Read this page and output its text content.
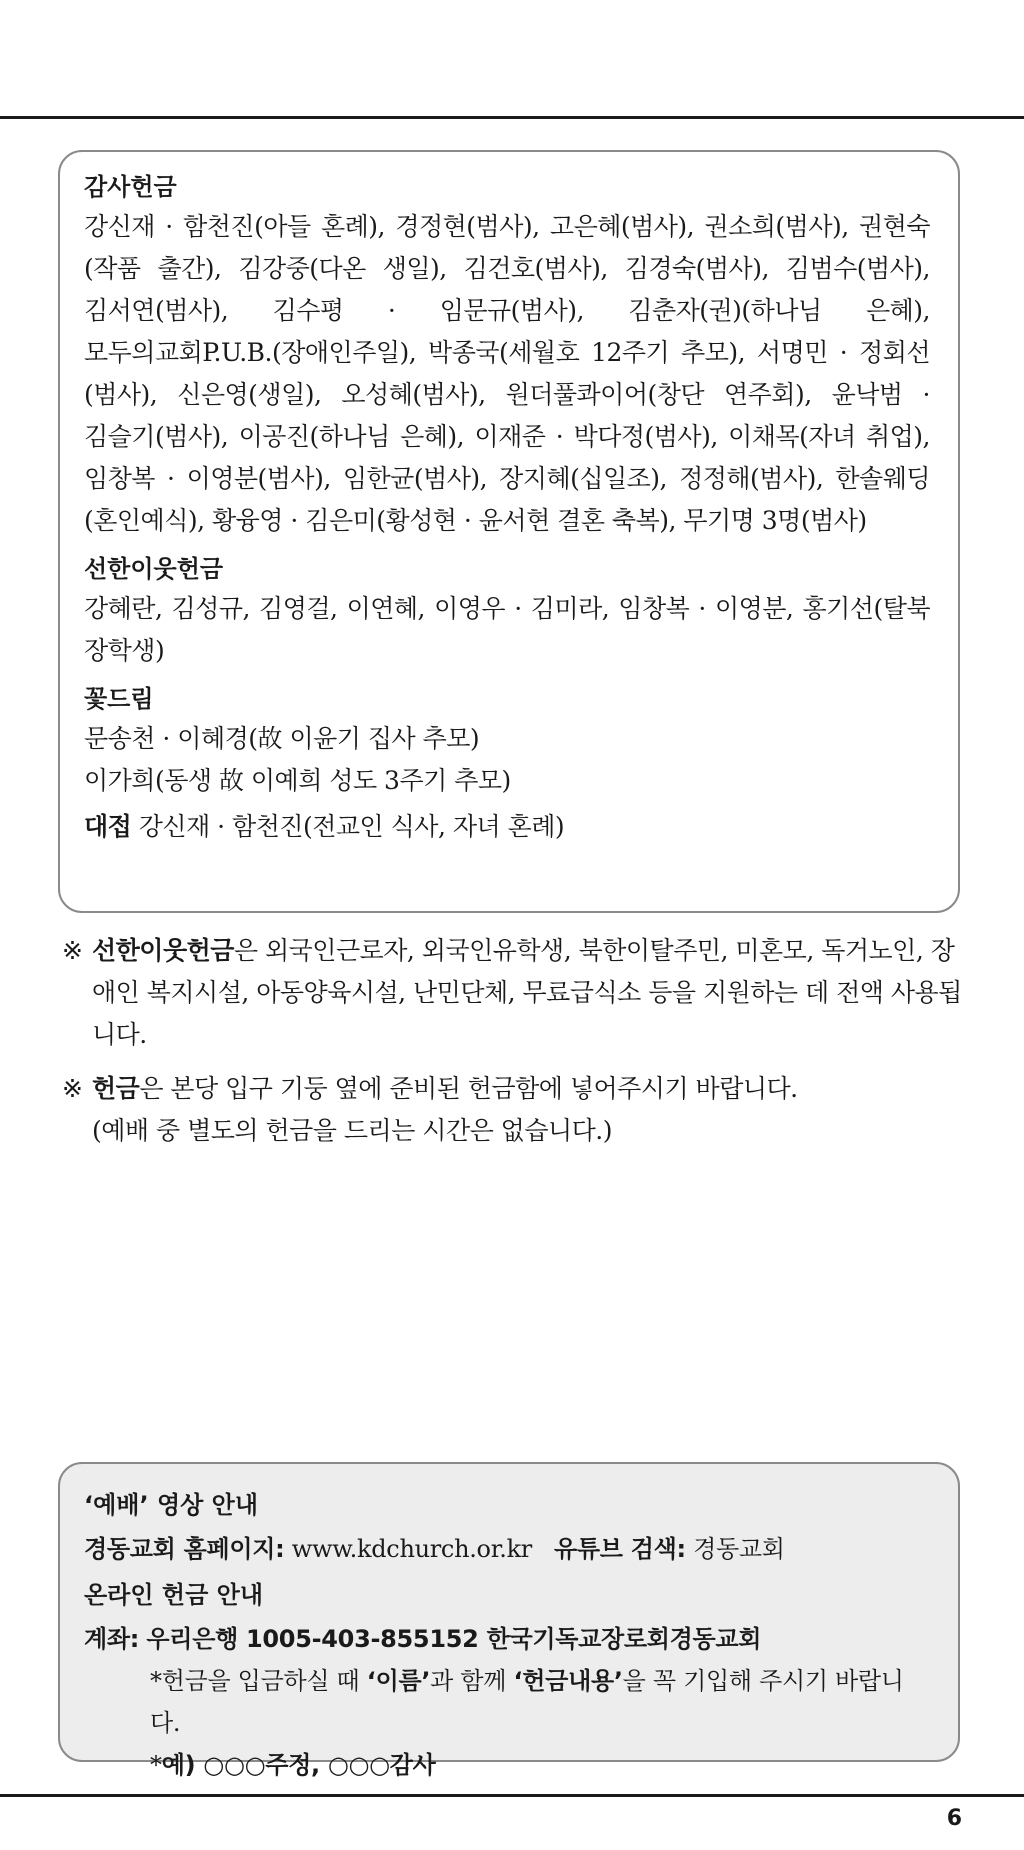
감사헌금

강신재 · 함천진(아들 혼례), 경정현(범사), 고은혜(범사), 권소희(범사), 권현숙(작품 출간), 김강중(다온 생일), 김건호(범사), 김경숙(범사), 김범수(범사), 김서연(범사), 김수평 · 임문규(범사), 김춘자(권)(하나님 은혜), 모두의교회P.U.B.(장애인주일), 박종국(세월호 12주기 추모), 서명민 · 정회선(범사), 신은영(생일), 오성혜(범사), 원더풀콰이어(창단 연주회), 윤낙범 · 김슬기(범사), 이공진(하나님 은혜), 이재준 · 박다정(범사), 이채목(자녀 취업), 임창복 · 이영분(범사), 임한균(범사), 장지혜(십일조), 정정해(범사), 한솔웨딩(혼인예식), 황융영 · 김은미(황성현 · 윤서현 결혼 축복), 무기명 3명(범사)

선한이웃헌금

강혜란, 김성규, 김영걸, 이연혜, 이영우 · 김미라, 임창복 · 이영분, 홍기선(탈북 장학생)

꽃드림

문송천 · 이혜경(故 이윤기 집사 추모)

이가희(동생 故 이예희 성도 3주기 추모)

대접 강신재 · 함천진(전교인 식사, 자녀 혼례)

※ 선한이웃헌금은 외국인근로자, 외국인유학생, 북한이탈주민, 미혼모, 독거노인, 장애인 복지시설, 아동양육시설, 난민단체, 무료급식소 등을 지원하는 데 전액 사용됩니다.
※ 헌금은 본당 입구 기둥 옆에 준비된 헌금함에 넣어주시기 바랍니다.
(예배 중 별도의 헌금을 드리는 시간은 없습니다.)
‘예배’ 영상 안내

경동교회 홈페이지: www.kdchurch.or.kr 유튜브 검색: 경동교회

온라인 헌금 안내

계좌: 우리은행 1005-403-855152 한국기독교장로회경동교회

*헌금을 입금하실 때 ‘이름’과 함께 ‘헌금내용’을 꼭 기입해 주시기 바랍니다.

*예) ○○○주정, ○○○감사

6
